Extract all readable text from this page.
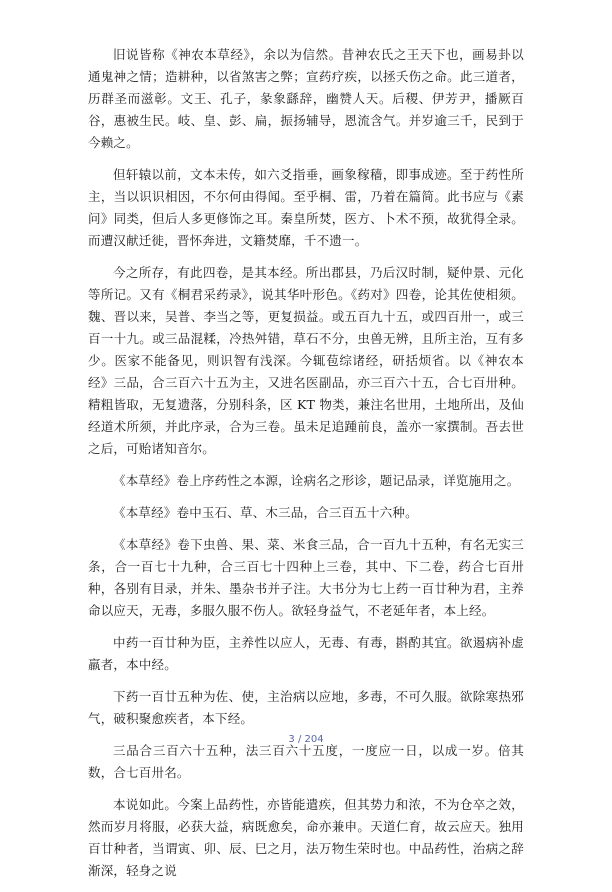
旧说皆称《神农本草经》，余以为信然。昔神农氏之王天下也，画易卦以通鬼神之情；造耕种，以省煞害之弊；宣药疗疾，以拯夭伤之命。此三道者，历群圣而滋彰。文王、孔子，彖象繇辞，幽赞人天。后稷、伊芳尹，播厥百谷，惠被生民。岐、皇、彭、扁，振扬辅导，恩流含气。并岁逾三千，民到于今赖之。

但轩辕以前，文本未传，如六爻指垂，画象稼穑，即事成迹。至于药性所主，当以识识相因，不尔何由得闻。至乎桐、雷，乃着在篇简。此书应与《素问》同类，但后人多更修饰之耳。秦皇所焚，医方、卜术不预，故犹得全录。而遭汉献迁徙，晋怀奔进，文籍焚靡，千不遗一。

今之所存，有此四卷，是其本经。所出郡县，乃后汉时制，疑仲景、元化等所记。又有《桐君采药录》，说其华叶形色。《药对》四卷，论其佐使相须。魏、晋以来，吴普、李当之等，更复损益。或五百九十五，或四百卅一，或三百一十九。或三品混糅，冷热舛错，草石不分，虫兽无辨，且所主治，互有多少。医家不能备见，则识智有浅深。今辄苞综诸经，研括烦省。以《神农本经》三品，合三百六十五为主，又进名医副品，亦三百六十五，合七百卅种。精粗皆取，无复遗落，分别科条，区 KT 物类，兼注名世用，土地所出，及仙经道术所须，并此序录，合为三卷。虽未足追踵前良，盖亦一家撰制。吾去世之后，可贻诸知音尔。

《本草经》卷上序药性之本源，诠病名之形诊，题记品录，详览施用之。

《本草经》卷中玉石、草、木三品，合三百五十六种。

《本草经》卷下虫兽、果、菜、米食三品，合一百九十五种，有名无实三条，合一百七十九种，合三百七十四种上三卷，其中、下二卷，药合七百卅种，各别有目录，并朱、墨杂书并子注。大书分为七上药一百廿种为君，主养命以应天，无毒，多服久服不伤人。欲轻身益气，不老延年者，本上经。

中药一百廿种为臣，主养性以应人，无毒、有毒，斟酌其宜。欲遏病补虚羸者，本中经。

下药一百廿五种为佐、使，主治病以应地，多毒，不可久服。欲除寒热邪气，破积聚愈疾者，本下经。

三品合三百六十五种，法三百六十五度，一度应一日，以成一岁。倍其数，合七百卅名。

本说如此。今案上品药性，亦皆能遣疾，但其势力和浓，不为仓卒之效，然而岁月将服，必获大益，病既愈矣，命亦兼申。天道仁育，故云应天。独用百廿种者，当谓寅、卯、辰、巳之月，法万物生荣时也。中品药性，治病之辞渐深，轻身之说

3 / 204
